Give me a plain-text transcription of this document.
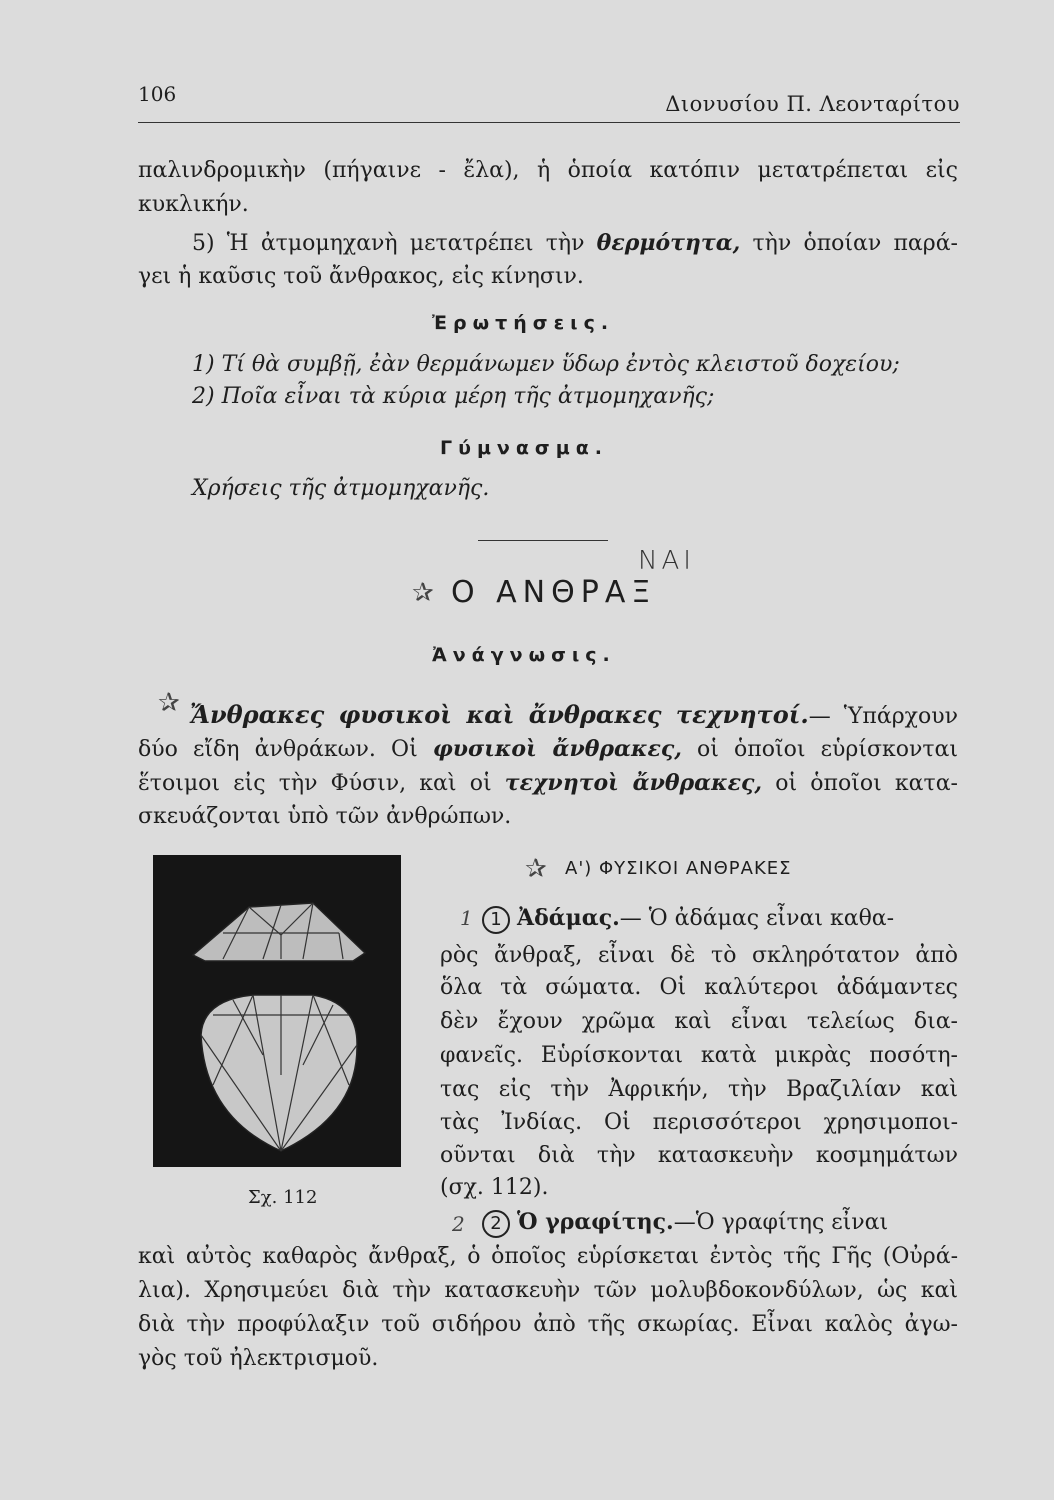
106	Διονυσίου Π. Λεονταρίτου
παλινδρομικὴν (πήγαινε - ἔλα), ἡ ὁποία κατόπιν μετατρέπεται εἰς
κυκλικήν.
5) Ἡ ἀτμομηχανὴ μετατρέπει τὴν θερμότητα, τὴν ὁποίαν παρά-
γει ἡ καῦσις τοῦ ἄνθρακος, εἰς κίνησιν.
Ἐρωτήσεις.
1) Τί θὰ συμβῇ, ἐὰν θερμάνωμεν ὕδωρ ἐντὸς κλειστοῦ δοχείου;
2) Ποῖα εἶναι τὰ κύρια μέρη τῆς ἀτμομηχανῆς;
Γύμνασμα.
Χρήσεις τῆς ἀτμομηχανῆς.
✰ Ο ΑΝΘΡΑΞ
ΝΑΙ
Ἀνάγνωσις.
✰ Ἄνθρακες φυσικοὶ καὶ ἄνθρακες τεχνητοί.— Ὑπάρχουν
δύο εἴδη ἀνθράκων. Οἱ φυσικοὶ ἄνθρακες, οἱ ὁποῖοι εὑρίσκονται
ἕτοιμοι εἰς τὴν Φύσιν, καὶ οἱ τεχνητοὶ ἄνθρακες, οἱ ὁποῖοι κατα-
σκευάζονται ὑπὸ τῶν ἀνθρώπων.
Σχ. 112
✰ Α') ΦΥΣΙΚΟΙ ΑΝΘΡΑΚΕΣ
1 1 Ἀδάμας.— Ὁ ἀδάμας εἶναι καθα-
ρὸς ἄνθραξ, εἶναι δὲ τὸ σκληρότατον ἀπὸ
ὅλα τὰ σώματα. Οἱ καλύτεροι ἀδάμαντες
δὲν ἔχουν χρῶμα καὶ εἶναι τελείως δια-
φανεῖς. Εὑρίσκονται κατὰ μικρὰς ποσότη-
τας εἰς τὴν Ἀφρικήν, τὴν Βραζιλίαν καὶ
τὰς Ἰνδίας. Οἱ περισσότεροι χρησιμοποι-
οῦνται διὰ τὴν κατασκευὴν κοσμημάτων
(σχ. 112).
2	2 Ὁ γραφίτης.—Ὁ γραφίτης εἶναι
καὶ αὐτὸς καθαρὸς ἄνθραξ, ὁ ὁποῖος εὑρίσκεται ἐντὸς τῆς Γῆς (Οὐρά-
λια). Χρησιμεύει διὰ τὴν κατασκευὴν τῶν μολυβδοκονδύλων, ὡς καὶ
διὰ τὴν προφύλαξιν τοῦ σιδήρου ἀπὸ τῆς σκωρίας. Εἶναι καλὸς ἀγω-
γὸς τοῦ ἠλεκτρισμοῦ.
